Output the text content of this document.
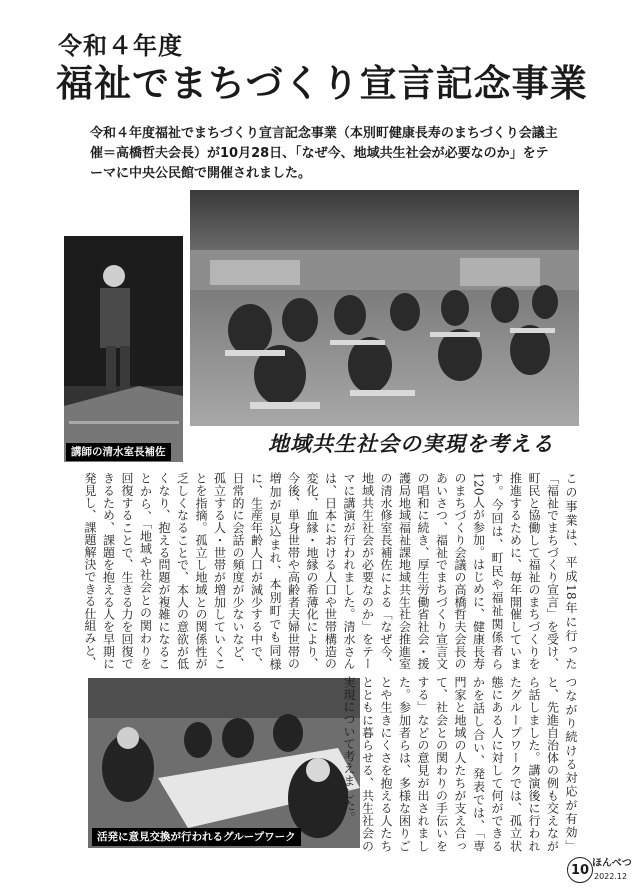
令和４年度
福祉でまちづくり宣言記念事業
令和４年度福祉でまちづくり宣言記念事業（本別町健康長寿のまちづくり会議主催＝高橋哲夫会長）が10月28日、「なぜ今、地域共生社会が必要なのか」をテーマに中央公民館で開催されました。
講師の清水室長補佐	地域共生社会の実現を考える
この事業は、平成18年に行った「福祉でまちづくり宣言」を受け、町民と協働して福祉のまちづくりを推進するために、毎年開催しています。今回は、町民や福祉関係者ら120人が参加。はじめに、健康長寿のまちづくり会議の高橋哲夫会長のあいさつ、福祉でまちづくり宣言文の唱和に続き、厚生労働省社会・援護局地域福祉課地域共生社会推進室の清水修室長補佐による「なぜ今、地域共生社会が必要なのか」をテーマに講演が行われました。清水さんは、日本における人口や世帯構造の変化、血縁・地縁の希薄化により、今後、単身世帯や高齢者夫婦世帯の増加が見込まれ、本別町でも同様に、生産年齢人口が減少する中で、日常的に会話の頻度が少ないなど、孤立する人・世帯が増加していくことを指摘。孤立し地域との関係性が乏しくなることで、本人の意欲が低くなり、抱える問題が複雑になることから、「地域や社会との関わりを回復することで、生きる力を回復できるため、課題を抱える人を早期に発見し、課題解決できる仕組みと、
活発に意見交換が行われるグループワーク	つながり続ける対応が有効」と、先進自治体の例も交えながら話しました。講演後に行われたグループワークでは、孤立状態にある人に対して何ができるかを話し合い、発表では、「専門家と地域の人たちが支え合って、社会との関わりの手伝いをする」などの意見が出されました。参加者らは、多様な困りごとや生きにくさを抱える人たちとともに暮らせる、共生社会の実現について考えました。
10 ほんべつ
2022.12
